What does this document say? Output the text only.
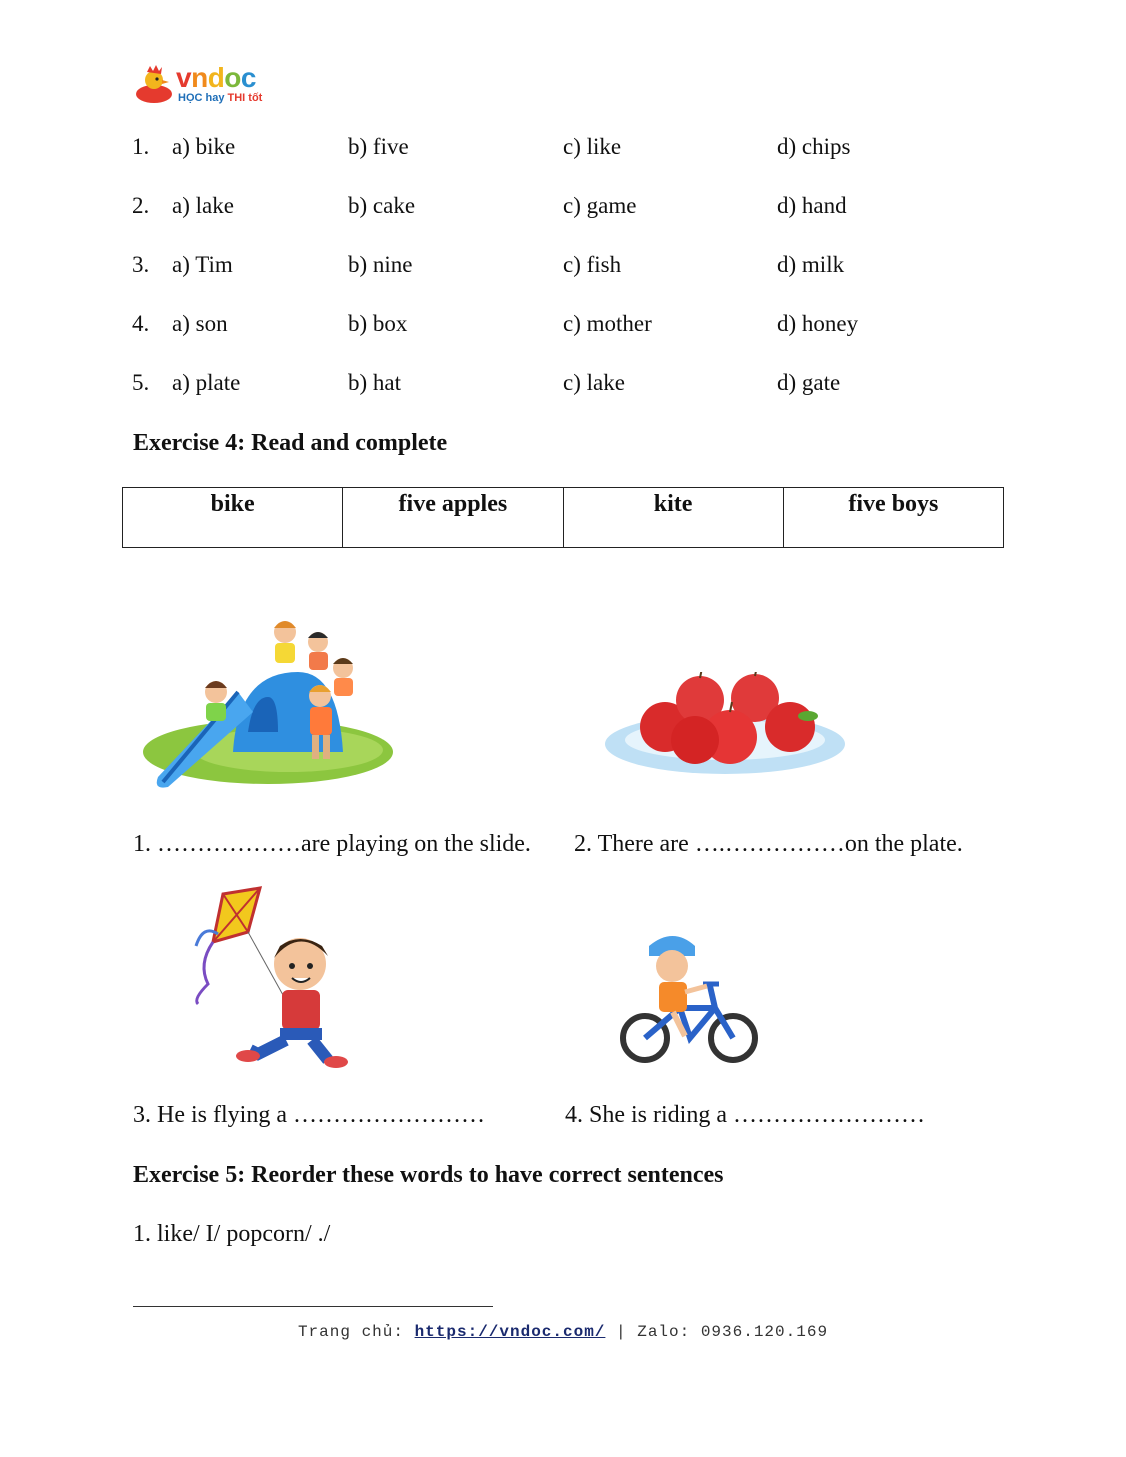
vndoc
HỌC hay THI tốt
1. a) bike	b) five	c) like	d) chips
2. a) lake	b) cake	c) game	d) hand
3. a) Tim	b) nine	c) fish	d) milk
4. a) son	b) box	c) mother	d) honey
5. a) plate	b) hat	c) lake	d) gate
Exercise 4: Read and complete
bike	five apples	kite	five boys
1. ………………are playing on the slide. 2. There are ….……………on the plate.
3. He is flying a ……………………	4. She is riding a ……………………
Exercise 5: Reorder these words to have correct sentences
1. like/ I/ popcorn/ ./
Trang chủ: https://vndoc.com/ | Zalo: 0936.120.169
